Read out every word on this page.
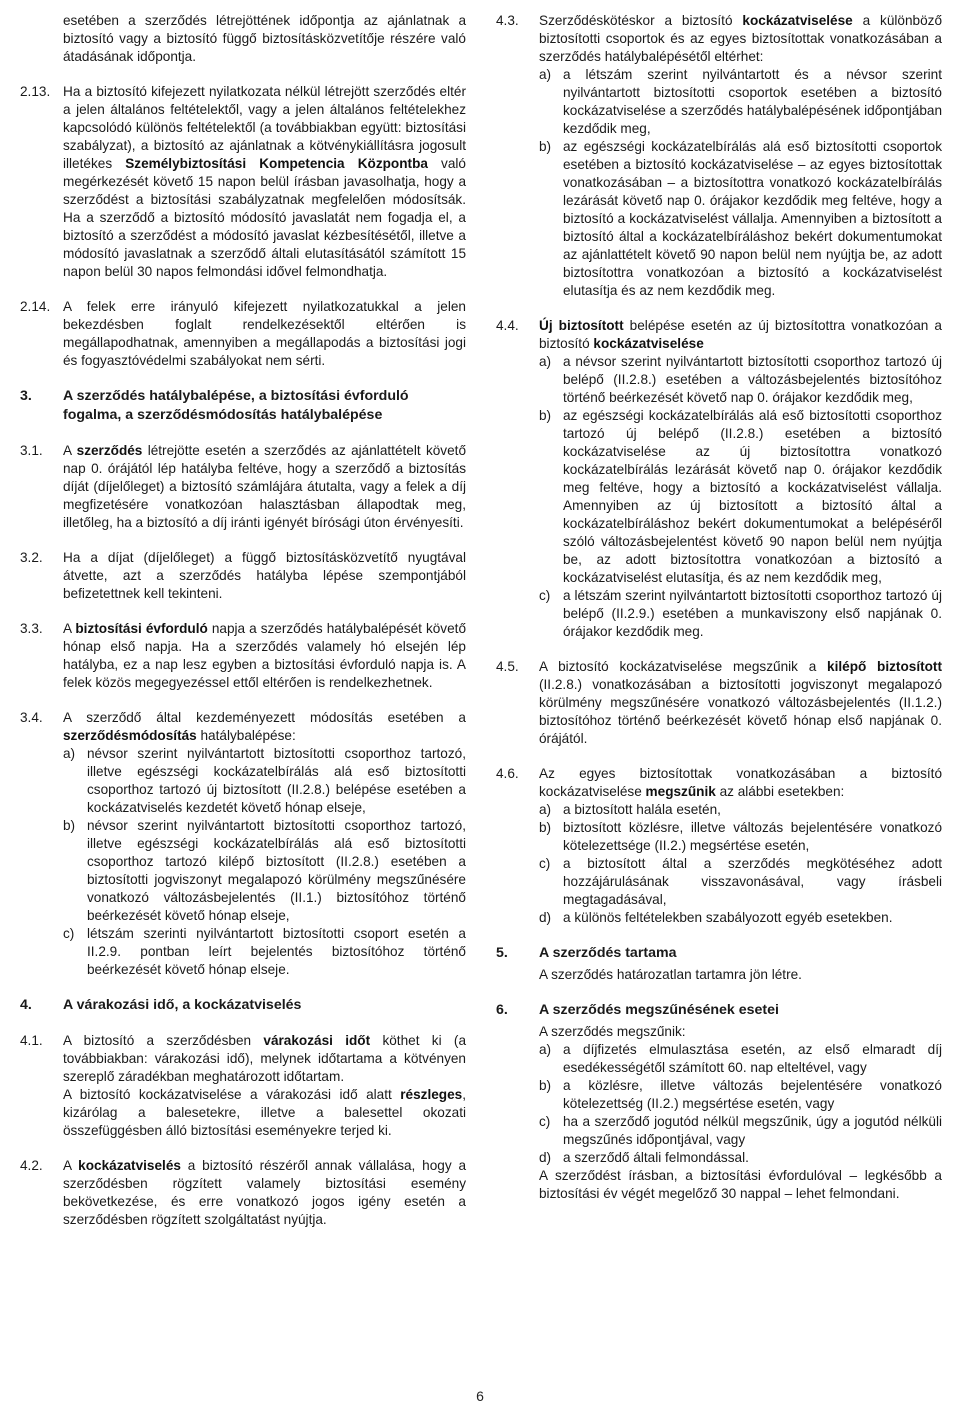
esetében a szerződés létrejöttének időpontja az ajánlatnak a biztosító vagy a biztosító függő biztosításközvetítője részére való átadásának időpontja.

2.13. Ha a biztosító kifejezett nyilatkozata nélkül létrejött szerződés eltér a jelen általános feltételektől, vagy a jelen általános feltételekhez kapcsolódó különös feltételektől (a továbbiakban együtt: biztosítási szabályzat), a biztosító az ajánlatnak a kötvénykiállításra jogosult illetékes Személybiztosítási Kompetencia Központba való megérkezését követő 15 napon belül írásban javasolhatja, hogy a szerződést a biztosítási szabályzatnak megfelelően módosítsák. Ha a szerződő a biztosító módosító javaslatát nem fogadja el, a biztosító a szerződést a módosító javaslat kézbesítésétől, illetve a módosító javaslatnak a szerződő általi elutasításától számított 15 napon belül 30 napos felmondási idővel felmondhatja.

2.14. A felek erre irányuló kifejezett nyilatkozatukkal a jelen bekezdésben foglalt rendelkezésektől eltérően is megállapodhatnak, amennyiben a megállapodás a biztosítási jogi és fogyasztóvédelmi szabályokat nem sérti.

3.	A szerződés hatálybalépése, a biztosítási évforduló fogalma, a szerződésmódosítás hatálybalépése
3.1.	A szerződés létrejötte esetén a szerződés az ajánlattételt követő nap 0. órájától lép hatályba feltéve, hogy a szerződő a biztosítás díját (díjelőleget) a biztosító számlájára átutalta, vagy a felek a díj megfizetésére vonatkozóan halasztásban állapodtak meg, illetőleg, ha a biztosító a díj iránti igényét bírósági úton érvényesíti.

3.2.	Ha a díjat (díjelőleget) a függő biztosításközvetítő nyugtával átvette, azt a szerződés hatályba lépése szempontjából befizetettnek kell tekinteni.

3.3.	A biztosítási évforduló napja a szerződés hatálybalépését követő hónap első napja. Ha a szerződés valamely hó elsején lép hatályba, ez a nap lesz egyben a biztosítási évforduló napja is. A felek közös megegyezéssel ettől eltérően is rendelkezhetnek.

3.4.	A szerződő által kezdeményezett módosítás esetében a szerződésmódosítás hatálybalépése:

a) névsor szerint nyilvántartott biztosítotti csoporthoz tartozó, illetve egészségi kockázatelbírálás alá eső biztosítotti csoporthoz tartozó új biztosított (II.2.8.) belépése esetében a kockázatviselés kezdetét követő hónap elseje,
b) névsor szerint nyilvántartott biztosítotti csoporthoz tartozó, illetve egészségi kockázatelbírálás alá eső biztosítotti csoporthoz tartozó kilépő biztosított (II.2.8.) esetében a biztosítotti jogviszonyt megalapozó körülmény megszűnésére vonatkozó változásbejelentés (II.1.) biztosítóhoz történő beérkezését követő hónap elseje,
c) létszám szerinti nyilvántartott biztosítotti csoport esetén a II.2.9. pontban leírt bejelentés biztosítóhoz történő beérkezését követő hónap elseje.
4.	A várakozási idő, a kockázatviselés
4.1.	A biztosító a szerződésben várakozási időt köthet ki (a továbbiakban: várakozási idő), melynek időtartama a kötvényen szereplő záradékban meghatározott időtartam.

A biztosító kockázatviselése a várakozási idő alatt részleges, kizárólag a balesetekre, illetve a balesettel okozati összefüggésben álló biztosítási eseményekre terjed ki.

4.2.	A kockázatviselés a biztosító részéről annak vállalása, hogy a szerződésben rögzített valamely biztosítási esemény bekövetkezése, és erre vonatkozó jogos igény esetén a szerződésben rögzített szolgáltatást nyújtja.

4.3.	Szerződéskötéskor a biztosító kockázatviselése a különböző biztosítotti csoportok és az egyes biztosítottak vonatkozásában a szerződés hatálybalépésétől eltérhet:

a) a létszám szerint nyilvántartott és a névsor szerint nyilvántartott biztosítotti csoportok esetében a biztosító kockázatviselése a szerződés hatálybalépésének időpontjában kezdődik meg,
b) az egészségi kockázatelbírálás alá eső biztosítotti csoportok esetében a biztosító kockázatviselése – az egyes biztosítottak vonatkozásában – a biztosítottra vonatkozó kockázatelbírálás lezárását követő nap 0. órájakor kezdődik meg feltéve, hogy a biztosító a kockázatviselést vállalja. Amennyiben a biztosított a biztosító által a kockázatelbíráláshoz bekért dokumentumokat az ajánlattételt követő 90 napon belül nem nyújtja be, az adott biztosítottra vonatkozóan a biztosító a kockázatviselést elutasítja és az nem kezdődik meg.
4.4.	Új biztosított belépése esetén az új biztosítottra vonatkozóan a biztosító kockázatviselése

a) a névsor szerint nyilvántartott biztosítotti csoporthoz tartozó új belépő (II.2.8.) esetében a változásbejelentés biztosítóhoz történő beérkezését követő nap 0. órájakor kezdődik meg,
b) az egészségi kockázatelbírálás alá eső biztosítotti csoporthoz tartozó új belépő (II.2.8.) esetében a biztosító kockázatviselése az új biztosítottra vonatkozó kockázatelbírálás lezárását követő nap 0. órájakor kezdődik meg feltéve, hogy a biztosító a kockázatviselést vállalja. Amennyiben az új biztosított a biztosító által a kockázatelbíráláshoz bekért dokumentumokat a belépéséről szóló változásbejelentést követő 90 napon belül nem nyújtja be, az adott biztosítottra vonatkozóan a biztosító a kockázatviselést elutasítja, és az nem kezdődik meg,
c) a létszám szerint nyilvántartott biztosítotti csoporthoz tartozó új belépő (II.2.9.) esetében a munkaviszony első napjának 0. órájakor kezdődik meg.
4.5.	A biztosító kockázatviselése megszűnik a kilépő biztosított (II.2.8.) vonatkozásában a biztosítotti jogviszonyt megalapozó körülmény megszűnésére vonatkozó változásbejelentés (II.1.2.) biztosítóhoz történő beérkezését követő hónap első napjának 0. órájától.

4.6.	Az egyes biztosítottak vonatkozásában a biztosító kockázatviselése megszűnik az alábbi esetekben:

a) a biztosított halála esetén,
b) biztosított közlésre, illetve változás bejelentésére vonatkozó kötelezettsége (II.2.) megsértése esetén,
c) a biztosított által a szerződés megkötéséhez adott hozzájárulásának visszavonásával, vagy írásbeli megtagadásával,
d) a különös feltételekben szabályozott egyéb esetekben.
5.	A szerződés tartama

A szerződés határozatlan tartamra jön létre.

6.	A szerződés megszűnésének esetei

A szerződés megszűnik:

a) a díjfizetés elmulasztása esetén, az első elmaradt díj esedékességétől számított 60. nap elteltével, vagy
b) a közlésre, illetve változás bejelentésére vonatkozó kötelezettség (II.2.) megsértése esetén, vagy
c) ha a szerződő jogutód nélkül megszűnik, úgy a jogutód nélküli megszűnés időpontjával, vagy
d) a szerződő általi felmondással.

A szerződést írásban, a biztosítási évfordulóval – legkésőbb a biztosítási év végét megelőző 30 nappal – lehet felmondani.

6
